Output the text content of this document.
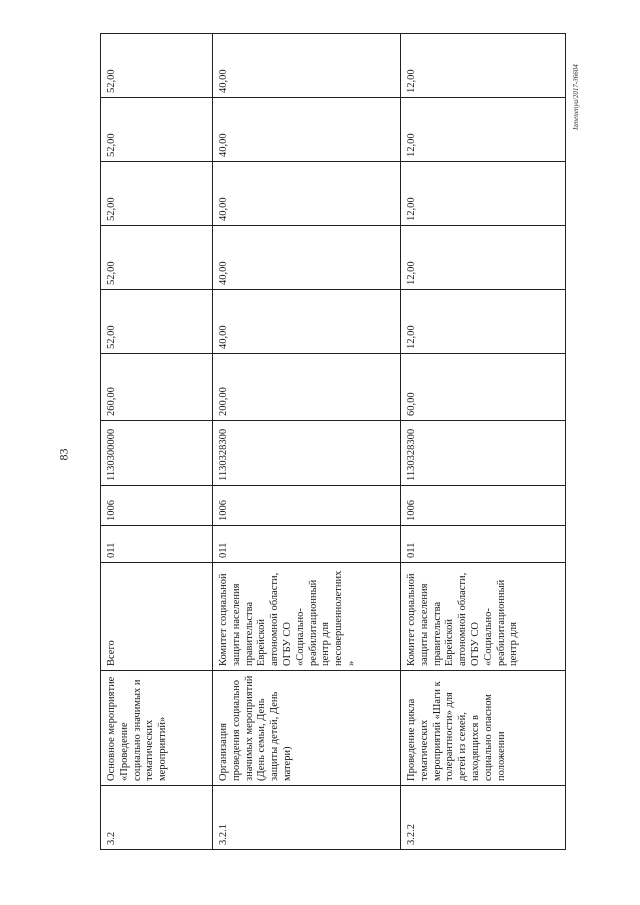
83
Izmenenya/2017-36604
3.2	Основное мероприятие «Проведение социально значимых и тематических мероприятий»	Всего	011	1006	1130300000	260,00	52,00	52,00	52,00	52,00	52,00
3.2.1	Организация проведения социально значимых мероприятий (День семьи, День защиты детей, День матери)	Комитет социальной защиты населения правительства Еврейской автономной области, ОГБУ СО «Социально-реабилитационный центр для несовершеннолетних»	011	1006	1130328300	200,00	40,00	40,00	40,00	40,00	40,00
3.2.2	Проведение цикла тематических мероприятий «Шаги к толерантности» для детей из семей, находящихся в социально опасном положении	Комитет социальной защиты населения правительства Еврейской автономной области, ОГБУ СО «Социально-реабилитационный центр для	011	1006	1130328300	60,00	12,00	12,00	12,00	12,00	12,00
